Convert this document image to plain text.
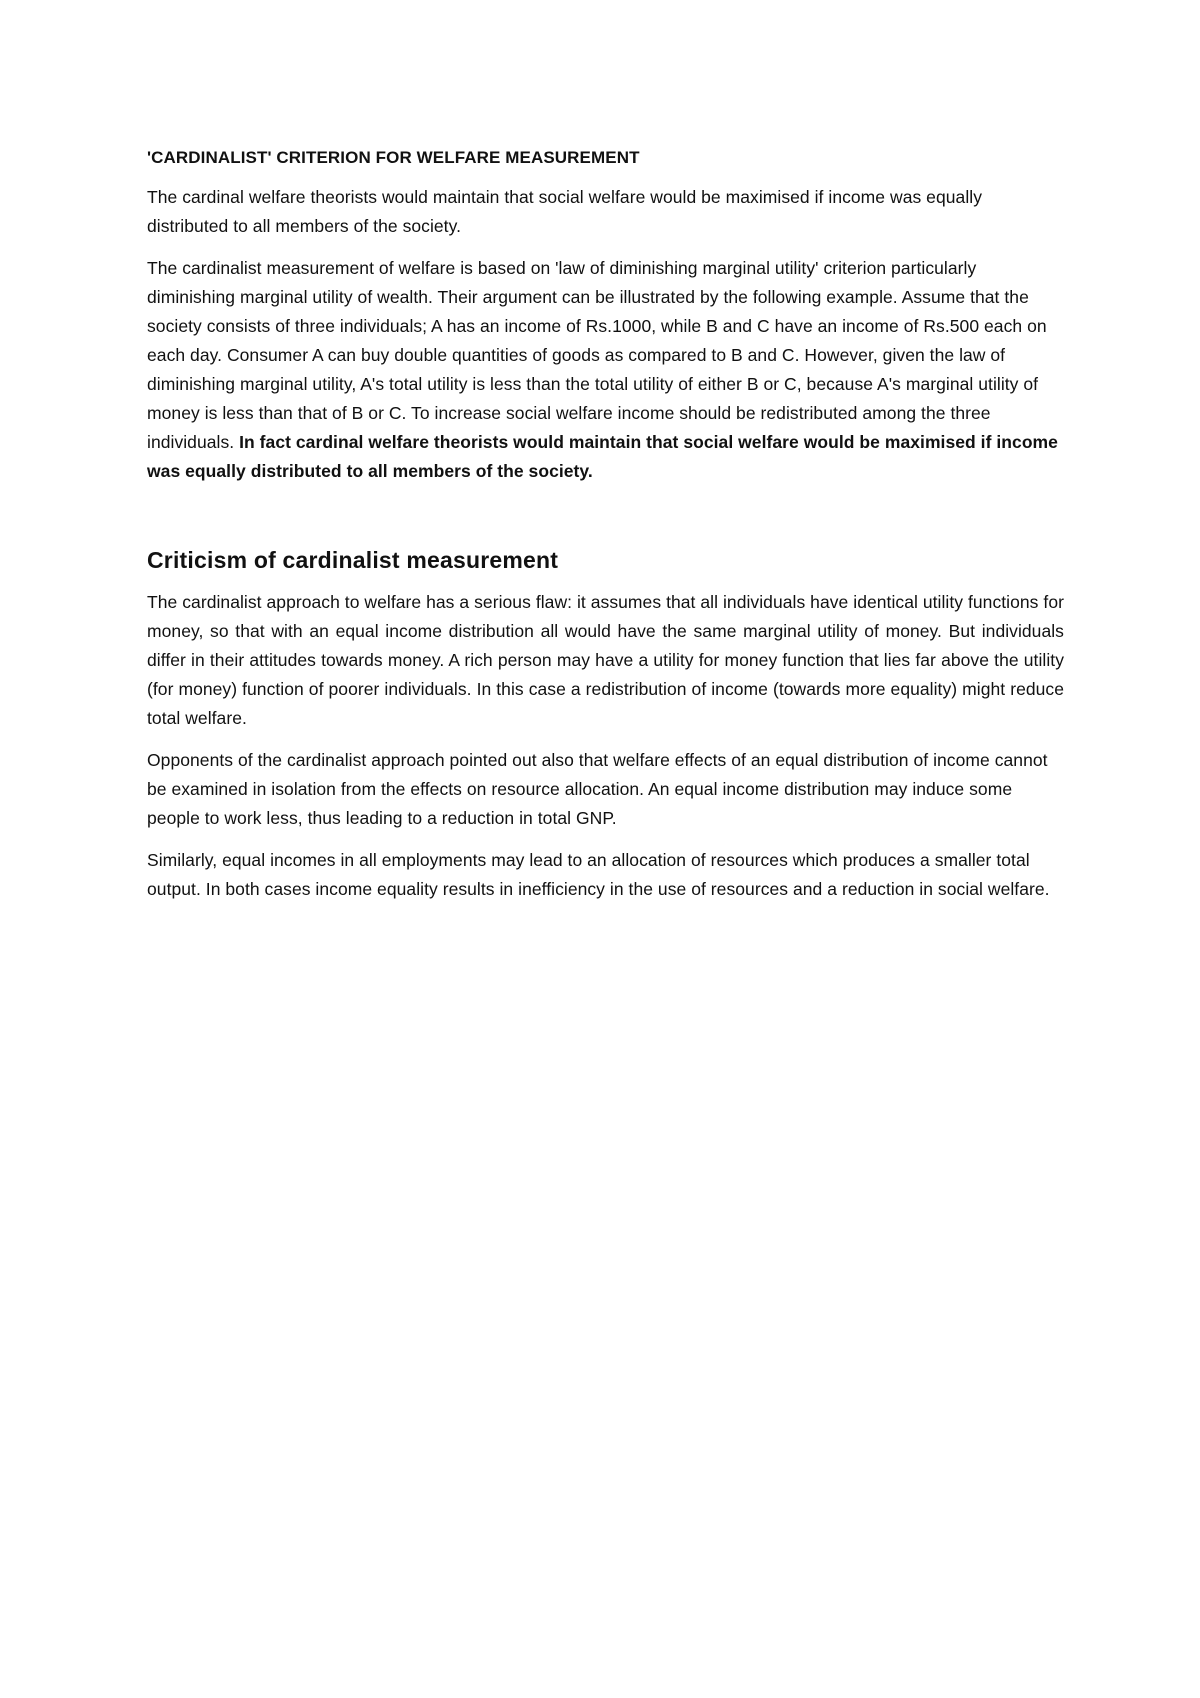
'CARDINALIST' CRITERION FOR WELFARE MEASUREMENT

The cardinal welfare theorists would maintain that social welfare would be maximised if income was equally distributed to all members of the society.

The cardinalist measurement of welfare is based on 'law of diminishing marginal utility' criterion particularly diminishing marginal utility of wealth. Their argument can be illustrated by the following example. Assume that the society consists of three individuals; A has an income of Rs.1000, while B and C have an income of Rs.500 each on each day. Consumer A can buy double quantities of goods as compared to B and C. However, given the law of diminishing marginal utility, A's total utility is less than the total utility of either B or C, because A's marginal utility of money is less than that of B or C. To increase social welfare income should be redistributed among the three individuals. In fact cardinal welfare theorists would maintain that social welfare would be maximised if income was equally distributed to all members of the society.

Criticism of cardinalist measurement

The cardinalist approach to welfare has a serious flaw: it assumes that all individuals have identical utility functions for money, so that with an equal income distribution all would have the same marginal utility of money. But individuals differ in their attitudes towards money. A rich person may have a utility for money function that lies far above the utility (for money) function of poorer individuals. In this case a redistribution of income (towards more equality) might reduce total welfare.

Opponents of the cardinalist approach pointed out also that welfare effects of an equal distribution of income cannot be examined in isolation from the effects on resource allocation. An equal income distribution may induce some people to work less, thus leading to a reduction in total GNP.

Similarly, equal incomes in all employments may lead to an allocation of resources which produces a smaller total output. In both cases income equality results in inefficiency in the use of resources and a reduction in social welfare.
